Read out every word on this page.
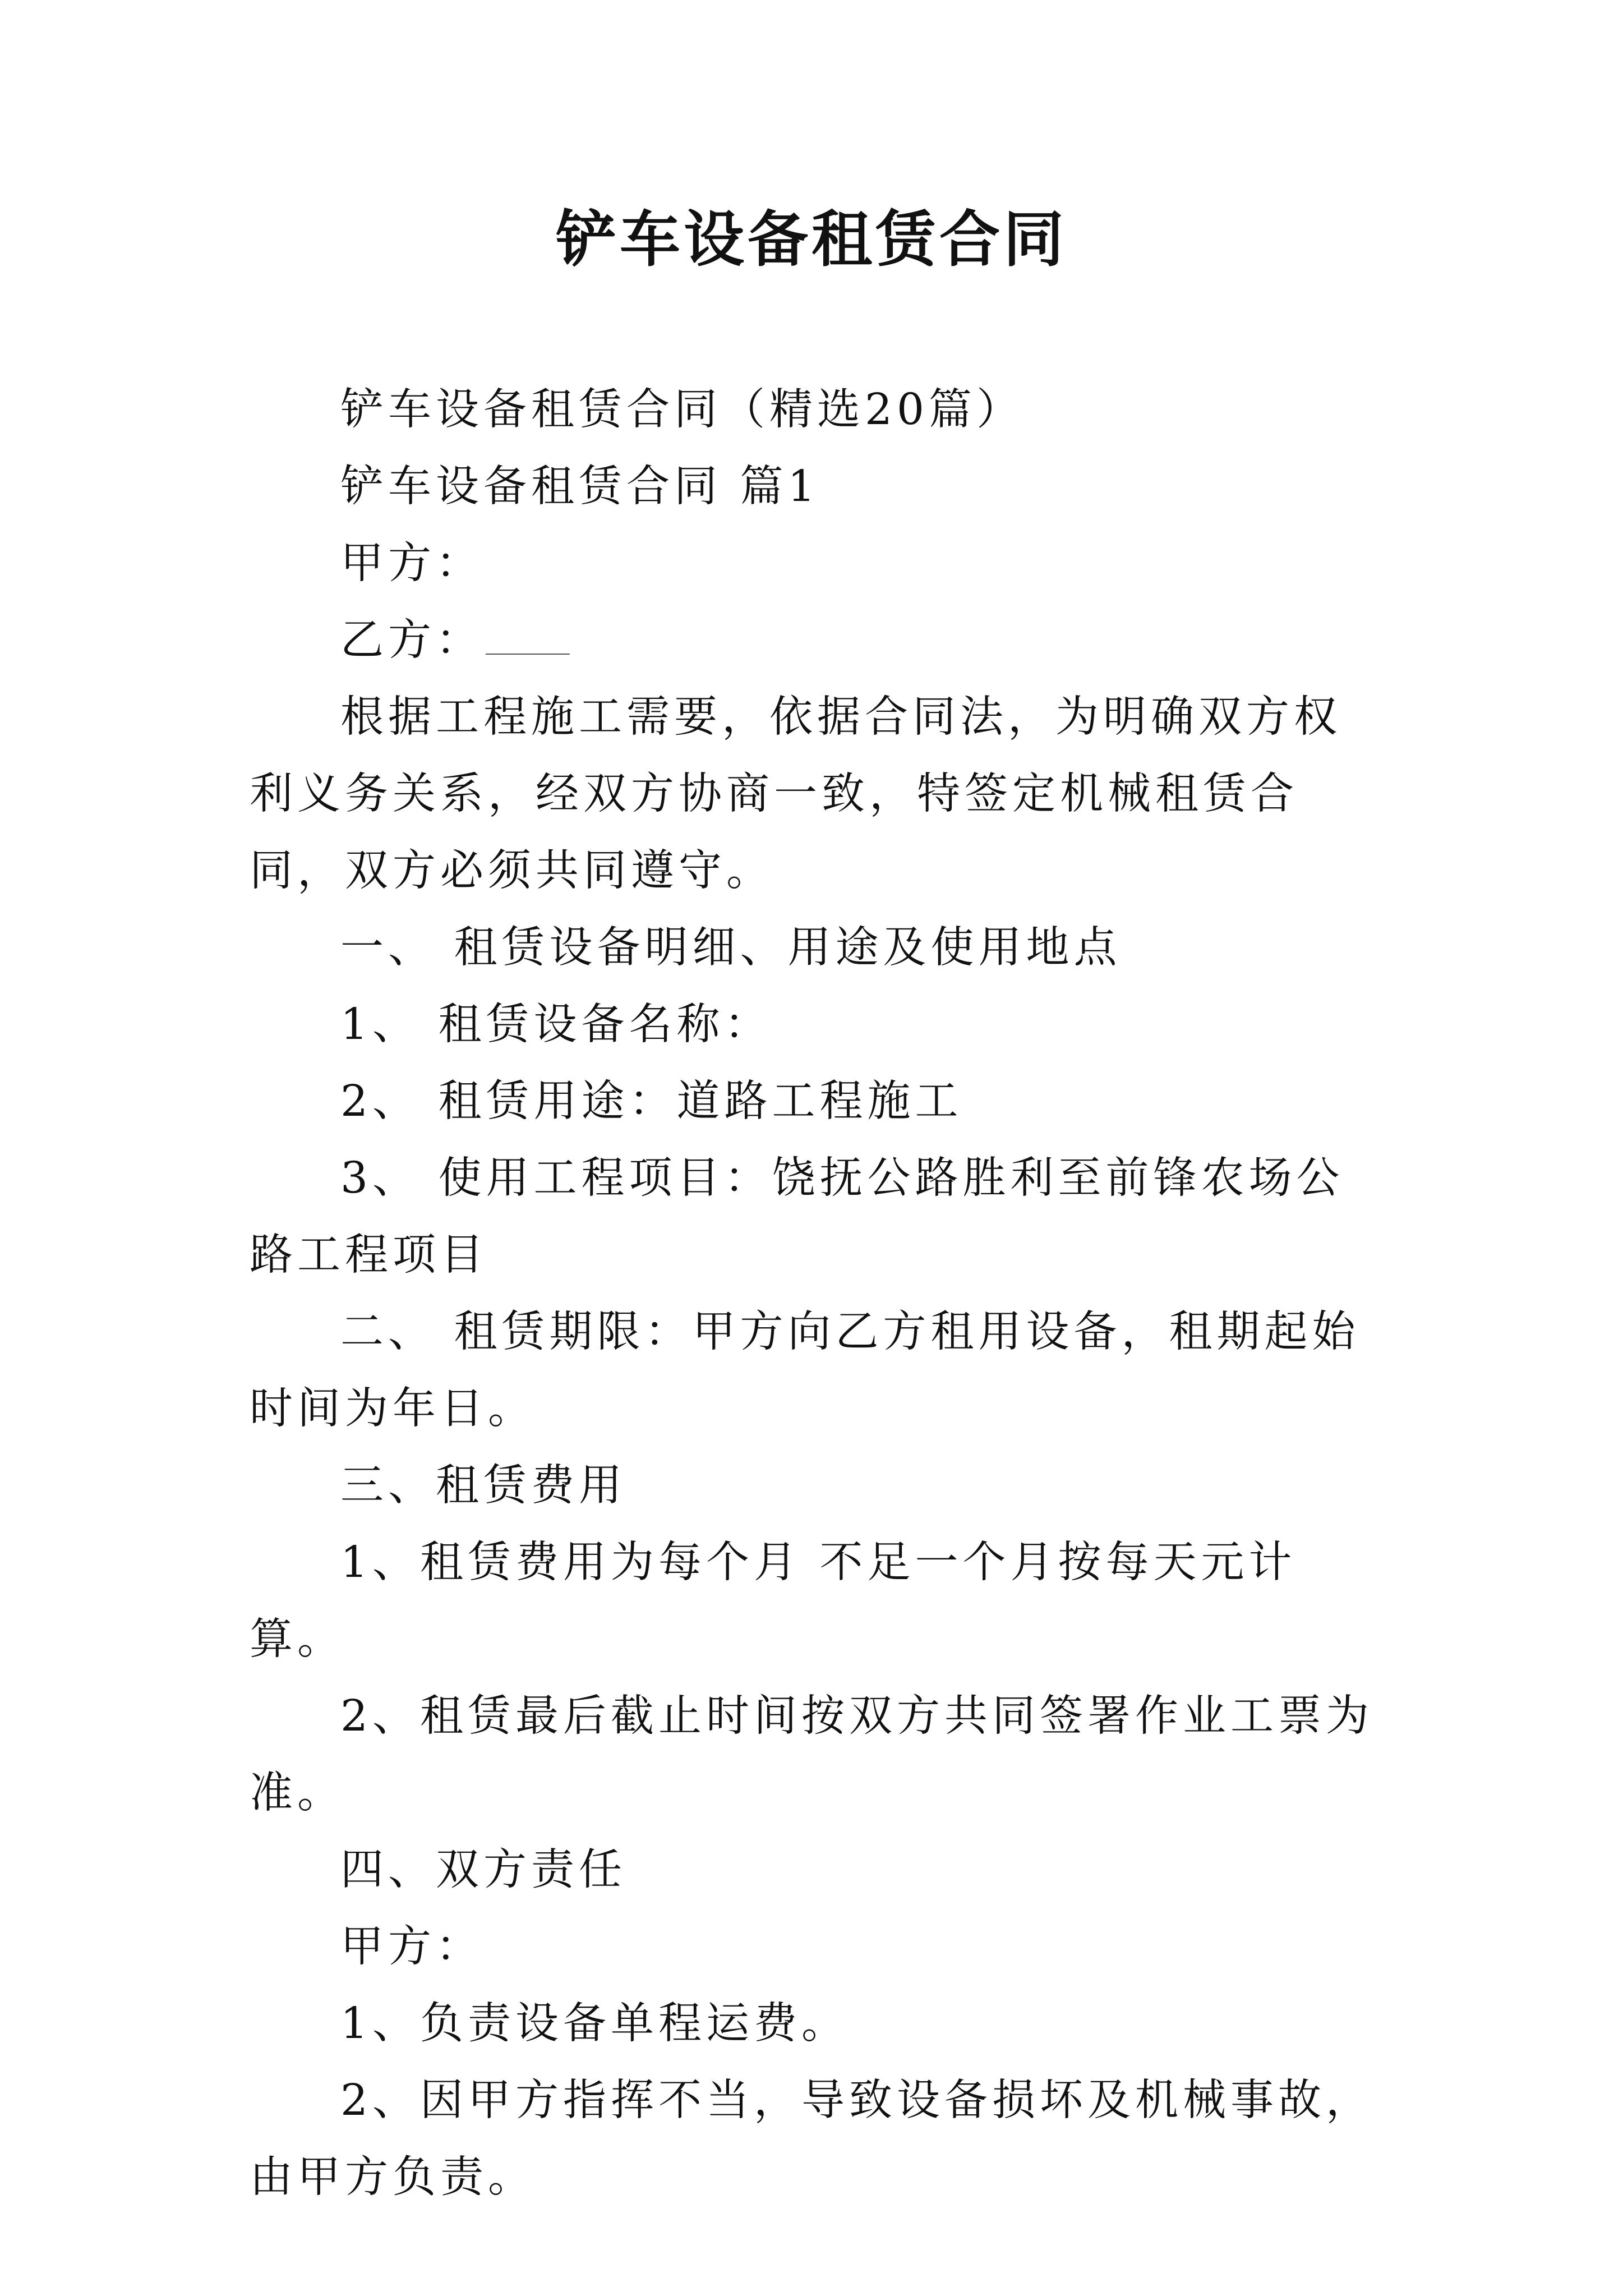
铲车设备租赁合同

铲车设备租赁合同（精选20篇）

铲车设备租赁合同 篇1

甲方：

乙方：

根据工程施工需要，依据合同法，为明确双方权利义务关系，经双方协商一致，特签定机械租赁合同，双方必须共同遵守。

一、 租赁设备明细、用途及使用地点

1、 租赁设备名称：

2、 租赁用途：道路工程施工

3、 使用工程项目：饶抚公路胜利至前锋农场公路工程项目

二、 租赁期限：甲方向乙方租用设备，租期起始时间为年日。

三、租赁费用

1、租赁费用为每个月 不足一个月按每天元计算。

2、租赁最后截止时间按双方共同签署作业工票为准。

四、双方责任

甲方：

1、负责设备单程运费。

2、因甲方指挥不当，导致设备损坏及机械事故，由甲方负责。
